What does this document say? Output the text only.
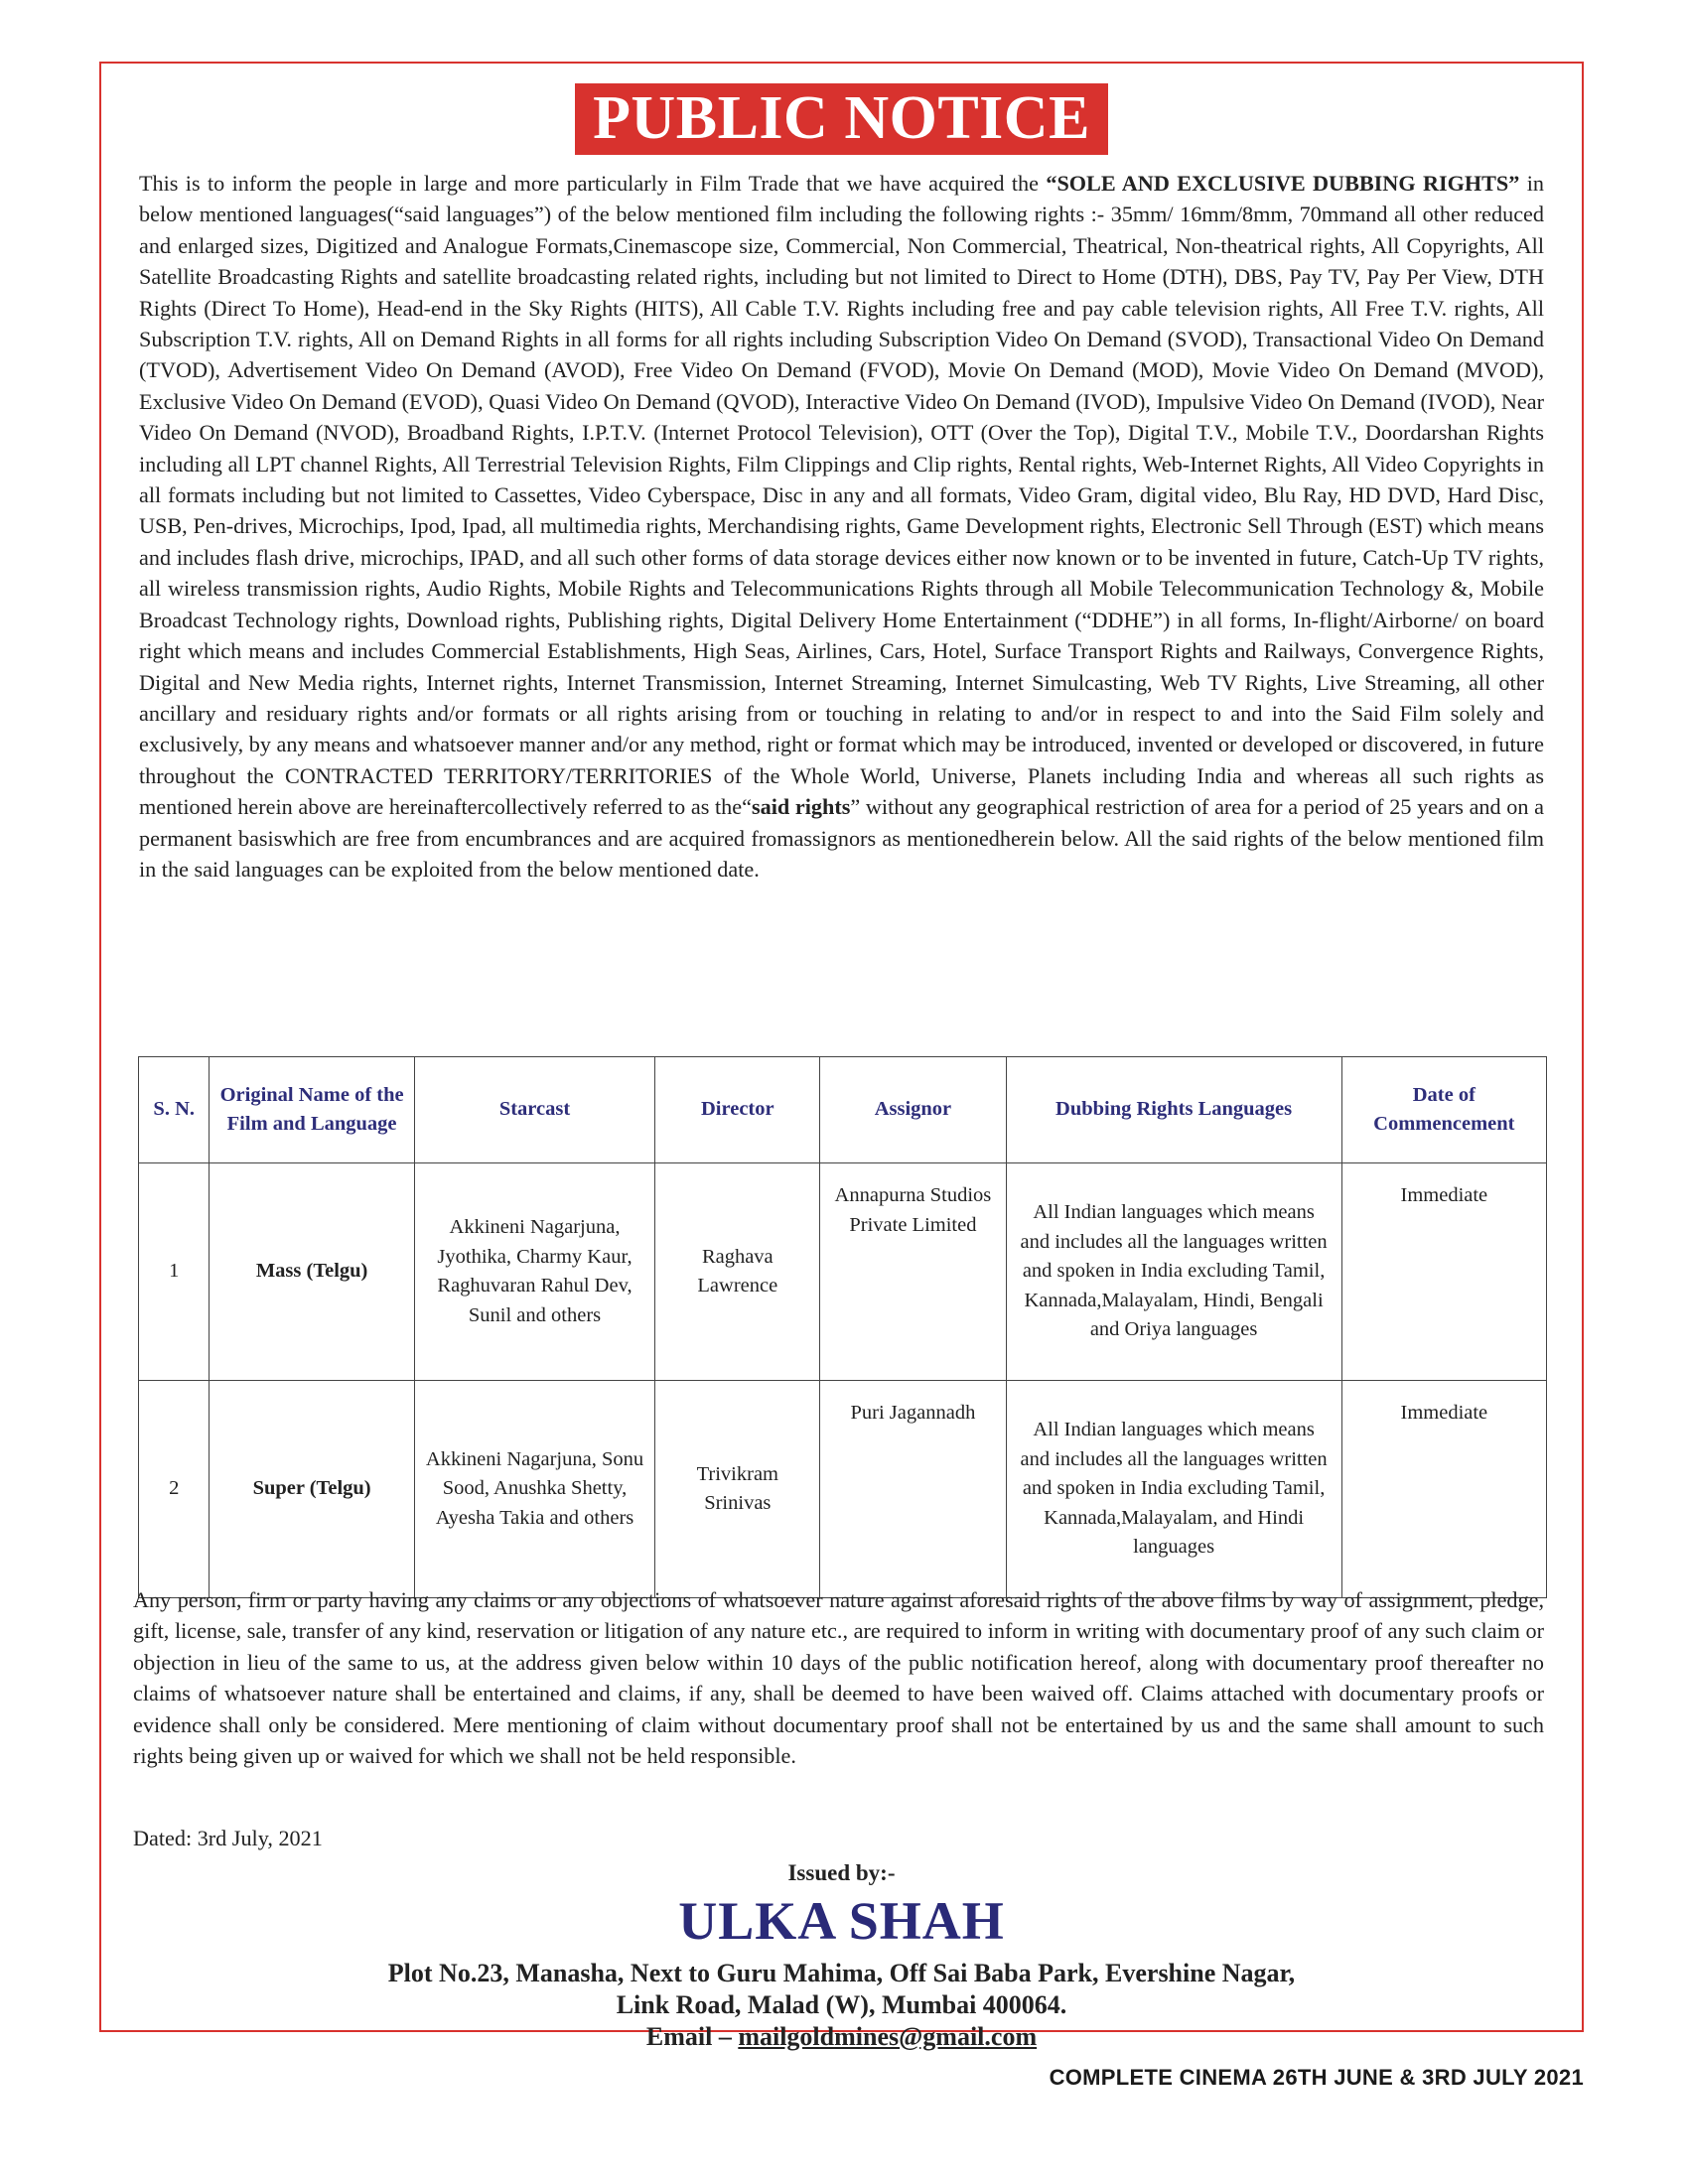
PUBLIC NOTICE

This is to inform the people in large and more particularly in Film Trade that we have acquired the “SOLE AND EXCLUSIVE DUBBING RIGHTS” in below mentioned languages(“said languages”) of the below mentioned film including the following rights :- 35mm/ 16mm/8mm, 70mmand all other reduced and enlarged sizes, Digitized and Analogue Formats,Cinemascope size, Commercial, Non Commercial, Theatrical, Non-theatrical rights, All Copyrights, All Satellite Broadcasting Rights and satellite broadcasting related rights, including but not limited to Direct to Home (DTH), DBS, Pay TV, Pay Per View, DTH Rights (Direct To Home), Head-end in the Sky Rights (HITS), All Cable T.V. Rights including free and pay cable television rights, All Free T.V. rights, All Subscription T.V. rights, All on Demand Rights in all forms for all rights including Subscription Video On Demand (SVOD), Transactional Video On Demand (TVOD), Advertisement Video On Demand (AVOD), Free Video On Demand (FVOD), Movie On Demand (MOD), Movie Video On Demand (MVOD), Exclusive Video On Demand (EVOD), Quasi Video On Demand (QVOD), Interactive Video On Demand (IVOD), Impulsive Video On Demand (IVOD), Near Video On Demand (NVOD), Broadband Rights, I.P.T.V. (Internet Protocol Television), OTT (Over the Top), Digital T.V., Mobile T.V., Doordarshan Rights including all LPT channel Rights, All Terrestrial Television Rights, Film Clippings and Clip rights, Rental rights, Web-Internet Rights, All Video Copyrights in all formats including but not limited to Cassettes, Video Cyberspace, Disc in any and all formats, Video Gram, digital video, Blu Ray, HD DVD, Hard Disc, USB, Pen-drives, Microchips, Ipod, Ipad, all multimedia rights, Merchandising rights, Game Development rights, Electronic Sell Through (EST) which means and includes flash drive, microchips, IPAD, and all such other forms of data storage devices either now known or to be invented in future, Catch-Up TV rights, all wireless transmission rights, Audio Rights, Mobile Rights and Telecommunications Rights through all Mobile Telecommunication Technology &, Mobile Broadcast Technology rights, Download rights, Publishing rights, Digital Delivery Home Entertainment (“DDHE”) in all forms, In-flight/Airborne/ on board right which means and includes Commercial Establishments, High Seas, Airlines, Cars, Hotel, Surface Transport Rights and Railways, Convergence Rights, Digital and New Media rights, Internet rights, Internet Transmission, Internet Streaming, Internet Simulcasting, Web TV Rights, Live Streaming, all other ancillary and residuary rights and/or formats or all rights arising from or touching in relating to and/or in respect to and into the Said Film solely and exclusively, by any means and whatsoever manner and/or any method, right or format which may be introduced, invented or developed or discovered, in future throughout the CONTRACTED TERRITORY/TERRITORIES of the Whole World, Universe, Planets including India and whereas all such rights as mentioned herein above are hereinaftercollectively referred to as the“said rights” without any geographical restriction of area for a period of 25 years and on a permanent basiswhich are free from encumbrances and are acquired fromassignors as mentionedherein below. All the said rights of the below mentioned film in the said languages can be exploited from the below mentioned date.

S. N.	Original Name of the Film and Language	Starcast	Director	Assignor	Dubbing Rights Languages	Date of Commencement
1	Mass (Telgu)	Akkineni Nagarjuna, Jyothika, Charmy Kaur, Raghuvaran Rahul Dev, Sunil and others	Raghava Lawrence	Annapurna Studios Private Limited	All Indian languages which means and includes all the languages written and spoken in India excluding Tamil, Kannada,Malayalam, Hindi, Bengali and Oriya languages	Immediate
2	Super (Telgu)	Akkineni Nagarjuna, Sonu Sood, Anushka Shetty, Ayesha Takia and others	Trivikram Srinivas	Puri Jagannadh	All Indian languages which means and includes all the languages written and spoken in India excluding Tamil, Kannada,Malayalam, and Hindi languages	Immediate

Any person, firm or party having any claims or any objections of whatsoever nature against aforesaid rights of the above films by way of assignment, pledge, gift, license, sale, transfer of any kind, reservation or litigation of any nature etc., are required to inform in writing with documentary proof of any such claim or objection in lieu of the same to us, at the address given below within 10 days of the public notification hereof, along with documentary proof thereafter no claims of whatsoever nature shall be entertained and claims, if any, shall be deemed to have been waived off. Claims attached with documentary proofs or evidence shall only be considered. Mere mentioning of claim without documentary proof shall not be entertained by us and the same shall amount to such rights being given up or waived for which we shall not be held responsible.

Dated: 3rd July, 2021

Issued by:-

ULKA SHAH

Plot No.23, Manasha, Next to Guru Mahima, Off Sai Baba Park, Evershine Nagar,
Link Road, Malad (W), Mumbai 400064.
Email – mailgoldmines@gmail.com
COMPLETE CINEMA 26TH JUNE & 3RD JULY 2021
